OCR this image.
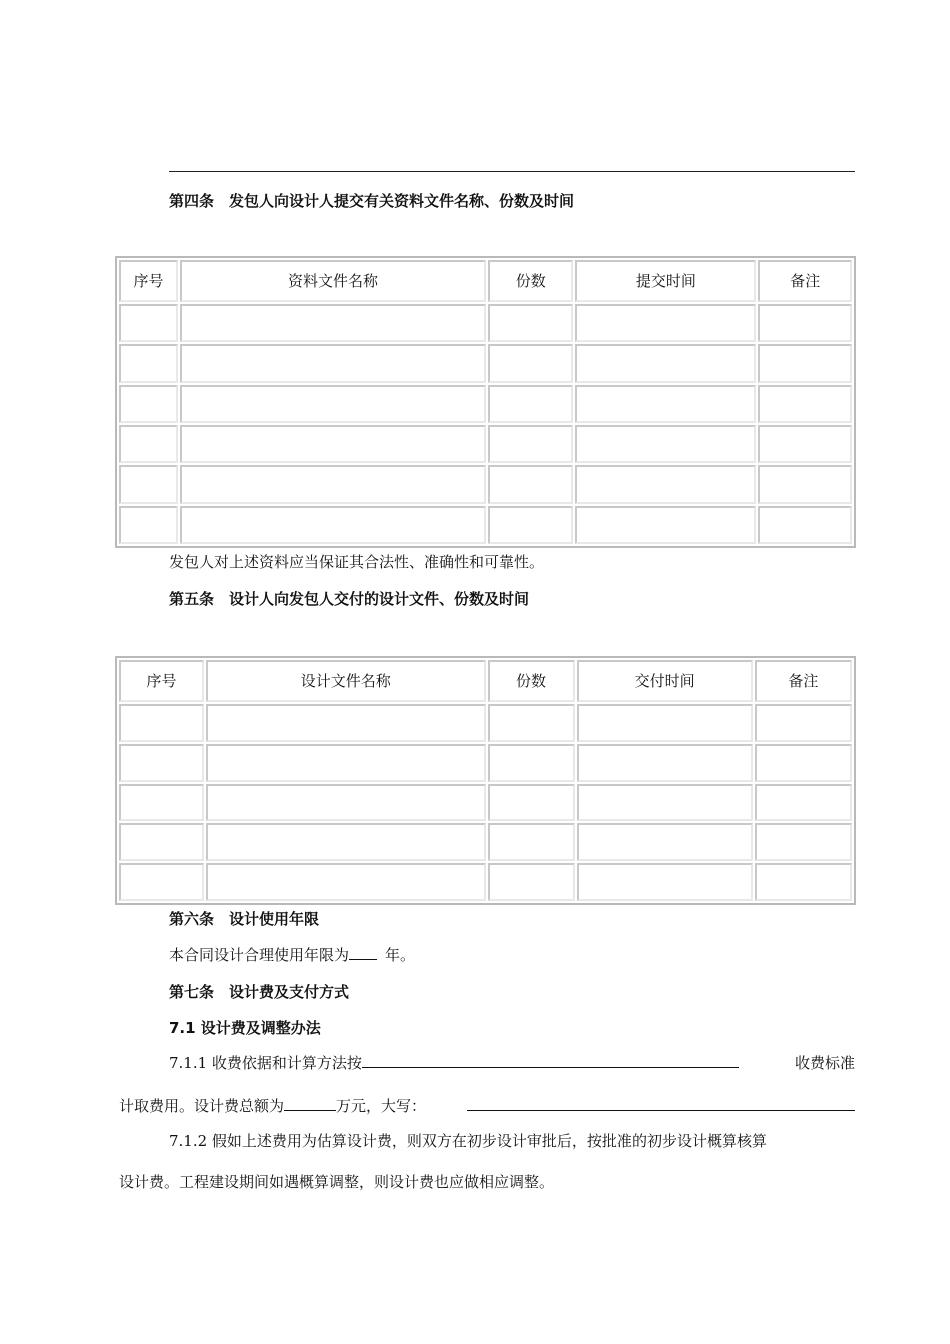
第四条　发包人向设计人提交有关资料文件名称、份数及时间
序号	资料文件名称	份数	提交时间	备注

发包人对上述资料应当保证其合法性、准确性和可靠性。
第五条　设计人向发包人交付的设计文件、份数及时间
序号	设计文件名称	份数	交付时间	备注

第六条　设计使用年限
本合同设计合理使用年限为 年。
第七条　设计费及支付方式
7.1 设计费及调整办法
7.1.1 收费依据和计算方法按	收费标准
计取费用。设计费总额为	万元，大写：
7.1.2 假如上述费用为估算设计费，则双方在初步设计审批后，按批准的初步设计概算核算
设计费。工程建设期间如遇概算调整，则设计费也应做相应调整。
